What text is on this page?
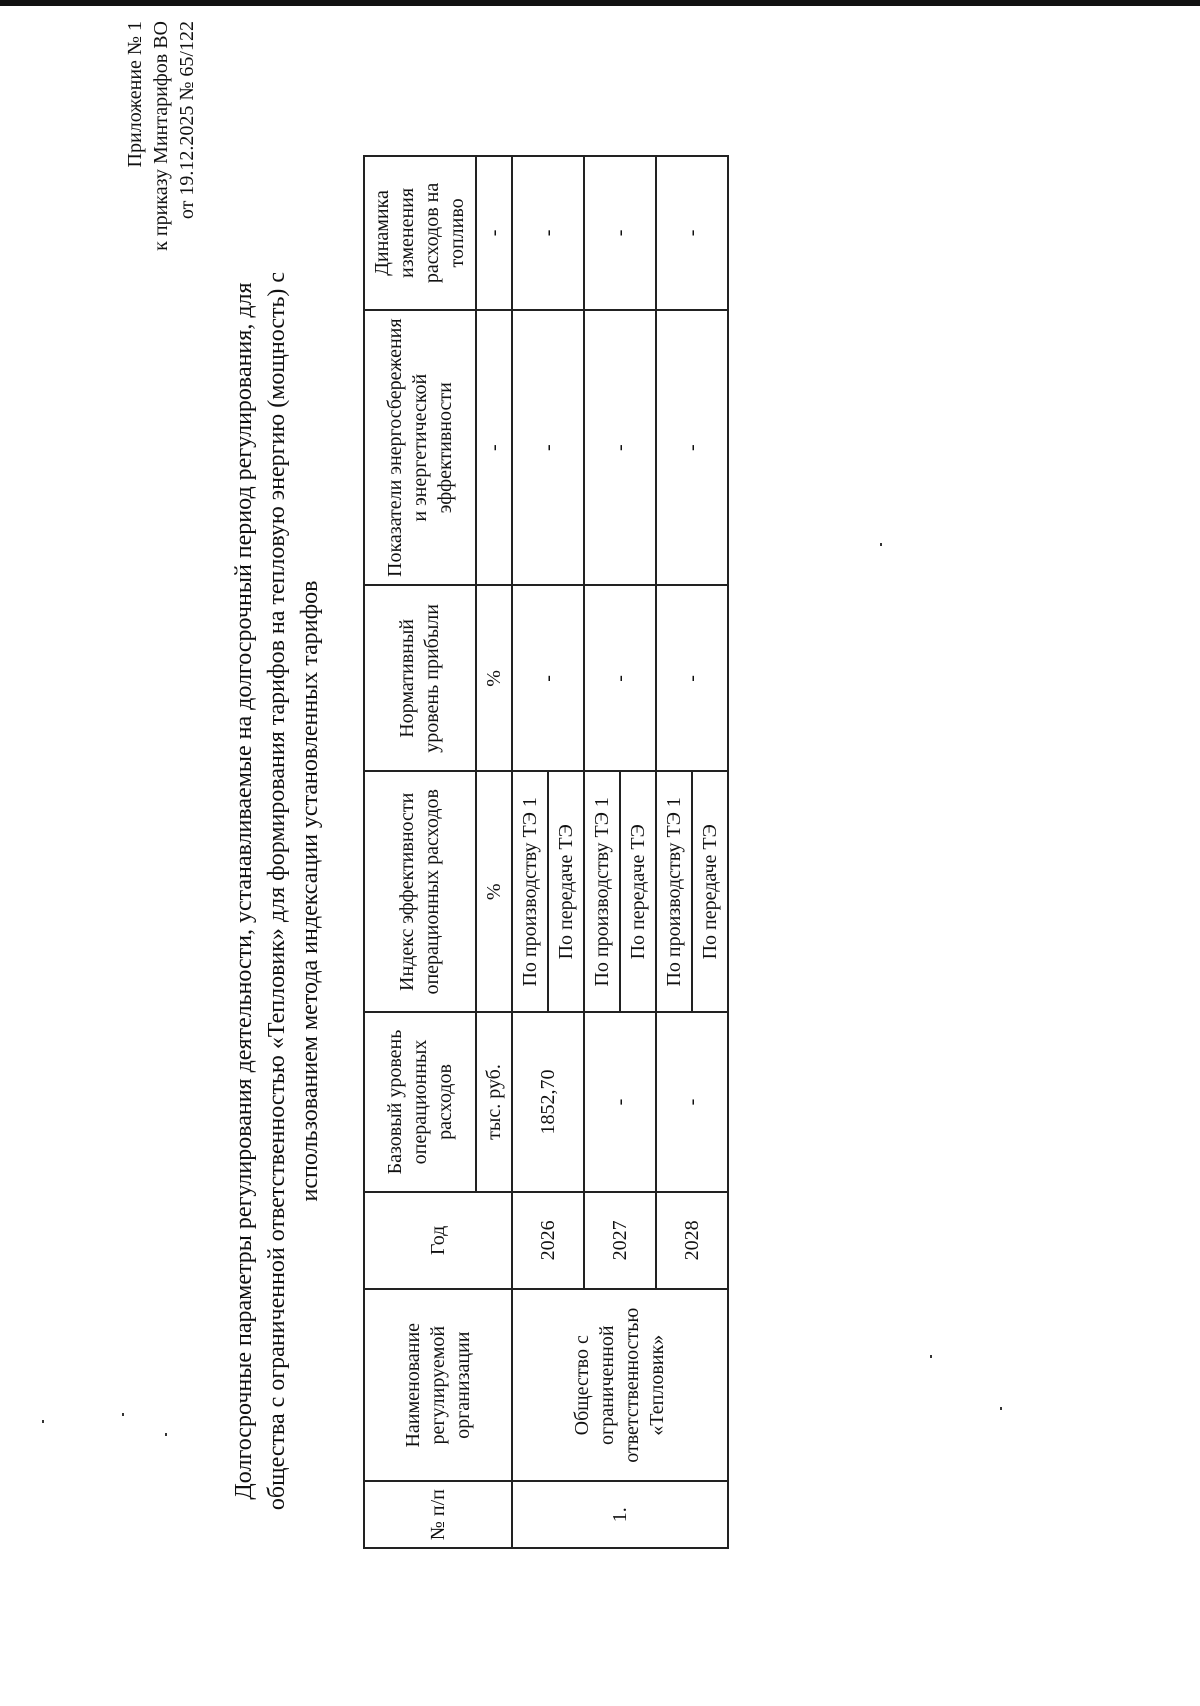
Приложение № 1 к приказу Минтарифов ВО от 19.12.2025 № 65/122
Долгосрочные параметры регулирования деятельности, устанавливаемые на долгосрочный период регулирования, для общества с ограниченной ответственностью «Тепловик» для формирования тарифов на тепловую энергию (мощность) с использованием метода индексации установленных тарифов
№ п/п	Наименование регулируемой организации	Год	Базовый уровень операционных расходов	Индекс эффективности операционных расходов	Нормативный уровень прибыли	Показатели энергосбережения и энергетической эффективности	Динамика изменения расходов на топливо
			тыс. руб.	%	%	-	-
1.	Общество с ограниченной ответственностью «Тепловик»	2026	1852,70	По производству ТЭ 1	-	-	-
				По передаче ТЭ			
		2027	-	По производству ТЭ 1	-	-	-
				По передаче ТЭ			
		2028	-	По производству ТЭ 1	-	-	-
				По передаче ТЭ			
